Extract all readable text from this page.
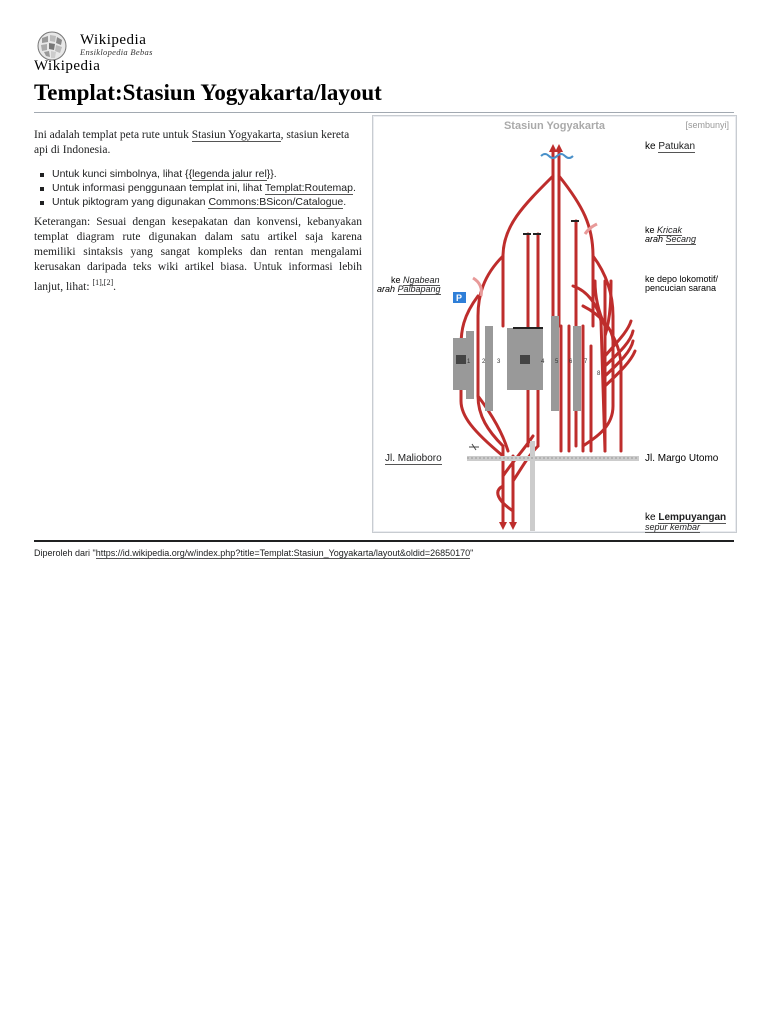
Wikipedia
Ensiklopedia Bebas
Wikipedia
Templat:Stasiun Yogyakarta/layout

Ini adalah templat peta rute untuk Stasiun Yogyakarta, stasiun kereta api di Indonesia.

Untuk kunci simbolnya, lihat {{legenda jalur rel}}.
Untuk informasi penggunaan templat ini, lihat Templat:Routemap.
Untuk piktogram yang digunakan Commons:BSicon/Catalogue.

Keterangan: Sesuai dengan kesepakatan dan konvensi, kebanyakan templat diagram rute digunakan dalam satu artikel saja karena memiliki sintaksis yang sangat kompleks dan rentan mengalami kerusakan daripada teks wiki artikel biasa. Untuk informasi lebih lanjut, lihat: [1],[2].

Stasiun Yogyakarta	[sembunyi]
1 2 3	4 5 6 7
8
P
ke Patukan
ke Kricak
arah Secang
ke Ngabean
arah Palbapang
ke depo lokomotif/
pencucian sarana
Jl. Malioboro	Jl. Margo Utomo
ke Lempuyangan
sepur kembar
Diperoleh dari "https://id.wikipedia.org/w/index.php?title=Templat:Stasiun_Yogyakarta/layout&oldid=26850170"
